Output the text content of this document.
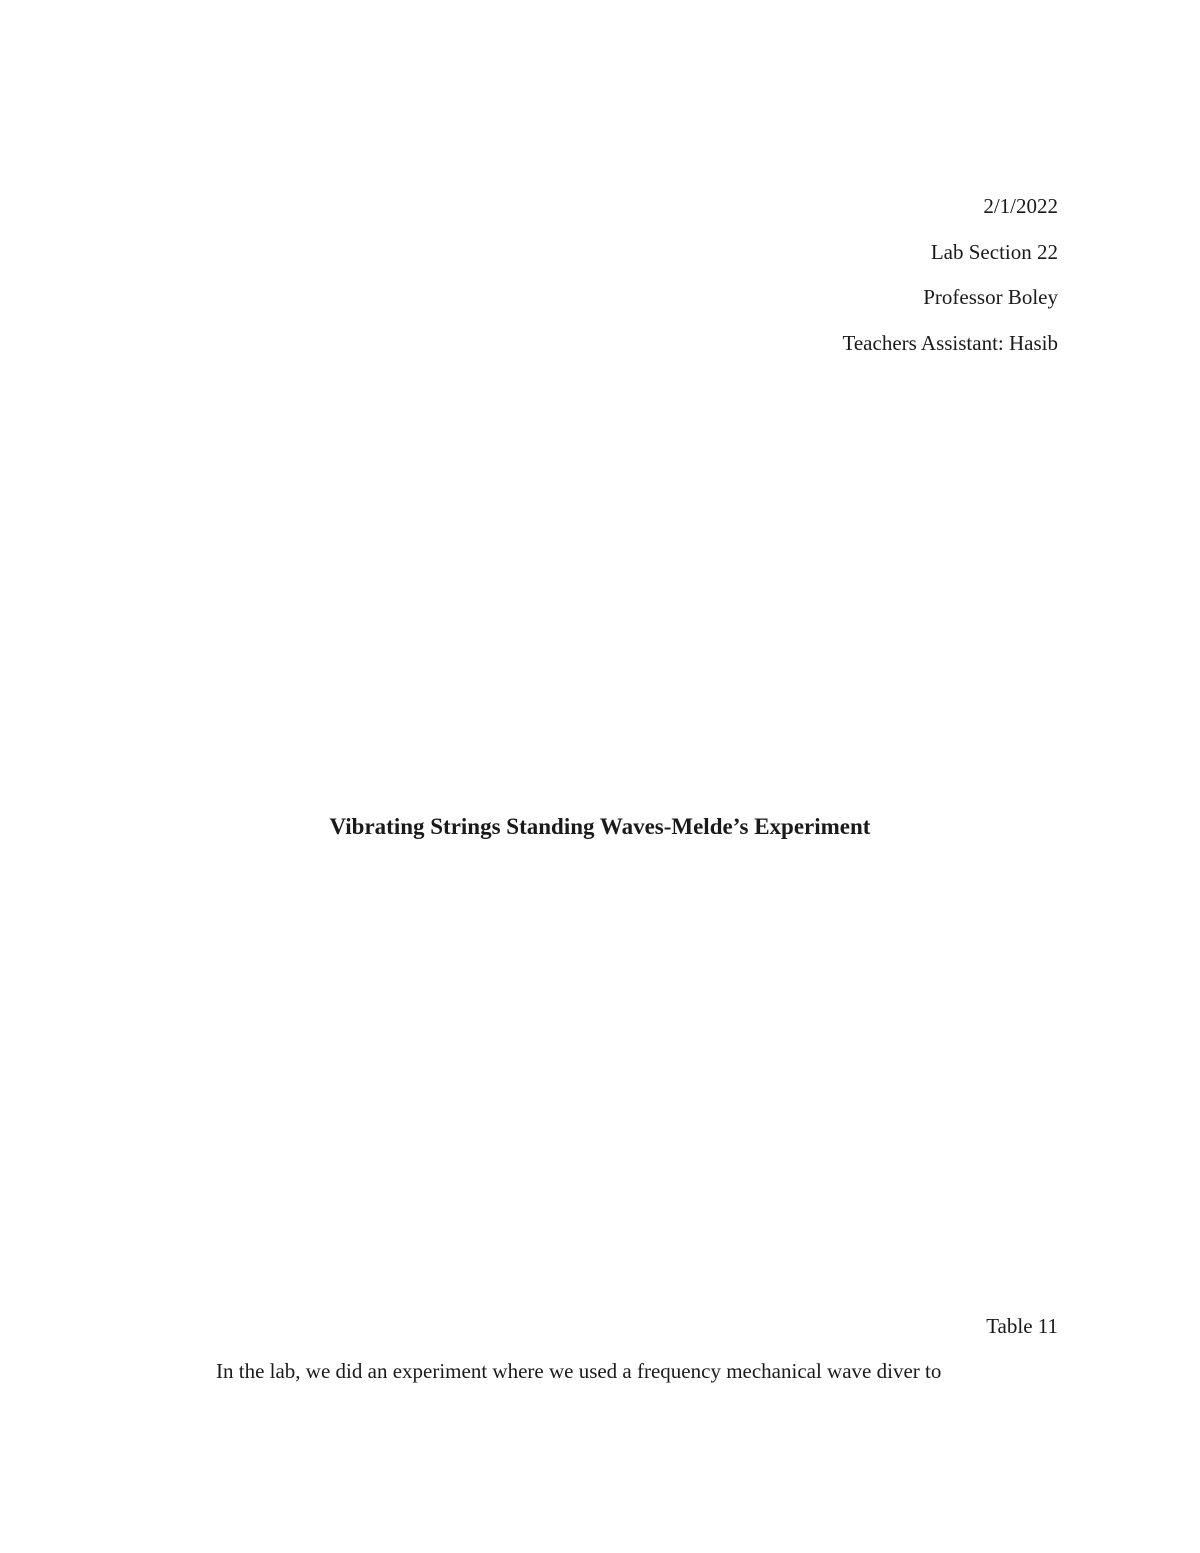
2/1/2022
Lab Section 22
Professor Boley
Teachers Assistant: Hasib
Vibrating Strings Standing Waves-Melde’s Experiment
Table 11
In the lab, we did an experiment where we used a frequency mechanical wave diver to
